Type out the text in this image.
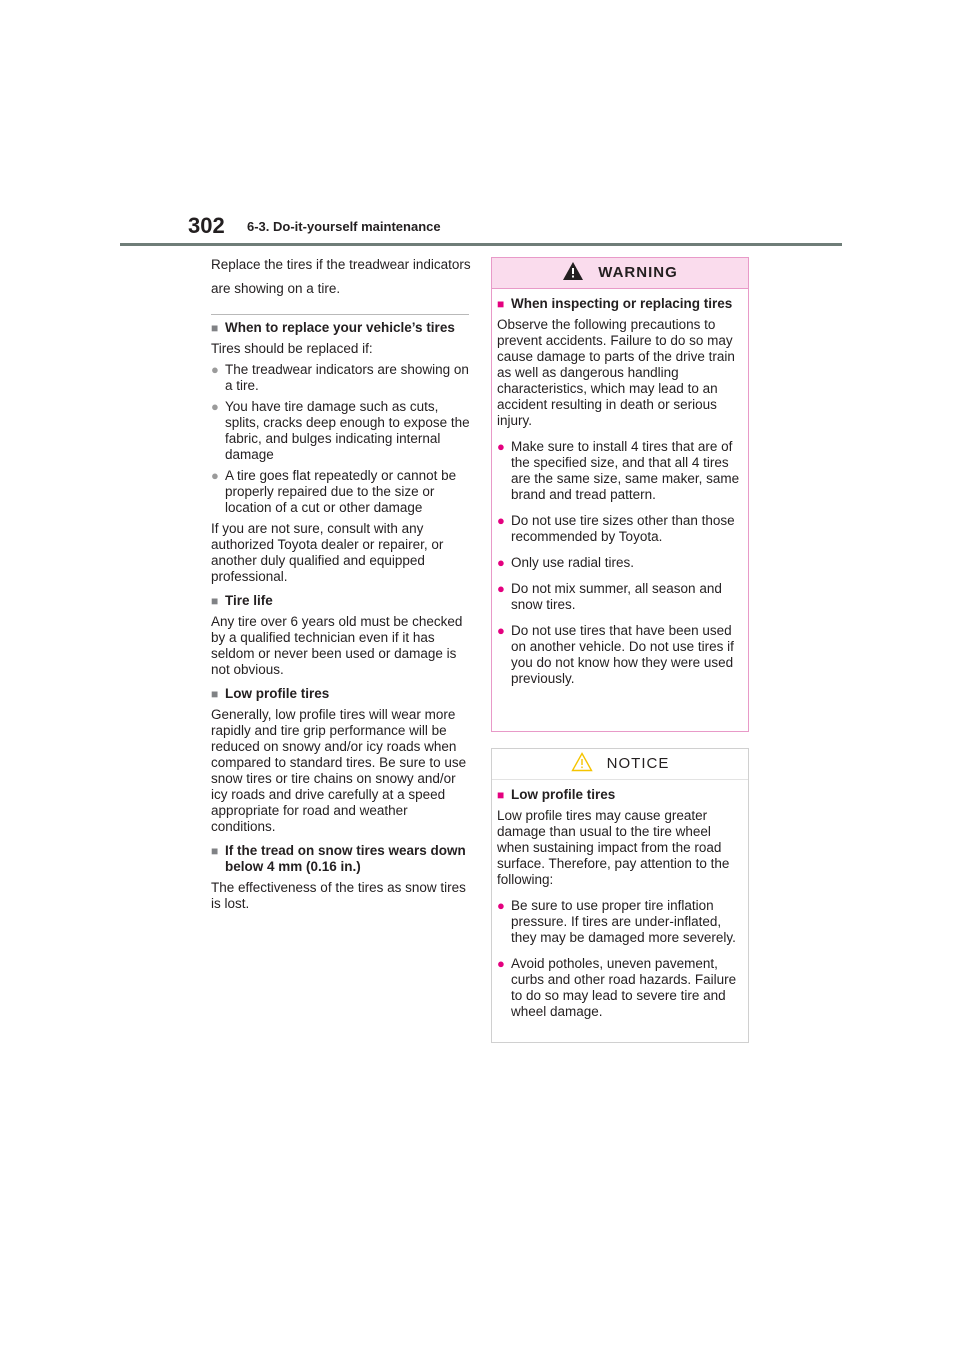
302 6-3. Do-it-yourself maintenance

Replace the tires if the treadwear indicators are showing on a tire.

■ When to replace your vehicle’s tires
Tires should be replaced if:
● The treadwear indicators are showing on a tire.
● You have tire damage such as cuts, splits, cracks deep enough to expose the fabric, and bulges indicating internal damage
● A tire goes flat repeatedly or cannot be properly repaired due to the size or location of a cut or other damage
If you are not sure, consult with any authorized Toyota dealer or repairer, or another duly qualified and equipped professional.
■ Tire life
Any tire over 6 years old must be checked by a qualified technician even if it has seldom or never been used or damage is not obvious.
■ Low profile tires
Generally, low profile tires will wear more rapidly and tire grip performance will be reduced on snowy and/or icy roads when compared to standard tires. Be sure to use snow tires or tire chains on snowy and/or icy roads and drive carefully at a speed appropriate for road and weather conditions.
■ If the tread on snow tires wears down below 4 mm (0.16 in.)
The effectiveness of the tires as snow tires is lost.
WARNING
■ When inspecting or replacing tires
Observe the following precautions to prevent accidents. Failure to do so may cause damage to parts of the drive train as well as dangerous handling characteristics, which may lead to an accident resulting in death or serious injury.
● Make sure to install 4 tires that are of the specified size, and that all 4 tires are the same size, same maker, same brand and tread pattern.
● Do not use tire sizes other than those recommended by Toyota.
● Only use radial tires.
● Do not mix summer, all season and snow tires.
● Do not use tires that have been used on another vehicle. Do not use tires if you do not know how they were used previously.
NOTICE
■ Low profile tires
Low profile tires may cause greater damage than usual to the tire wheel when sustaining impact from the road surface. Therefore, pay attention to the following:
● Be sure to use proper tire inflation pressure. If tires are under-inflated, they may be damaged more severely.
● Avoid potholes, uneven pavement, curbs and other road hazards. Failure to do so may lead to severe tire and wheel damage.
